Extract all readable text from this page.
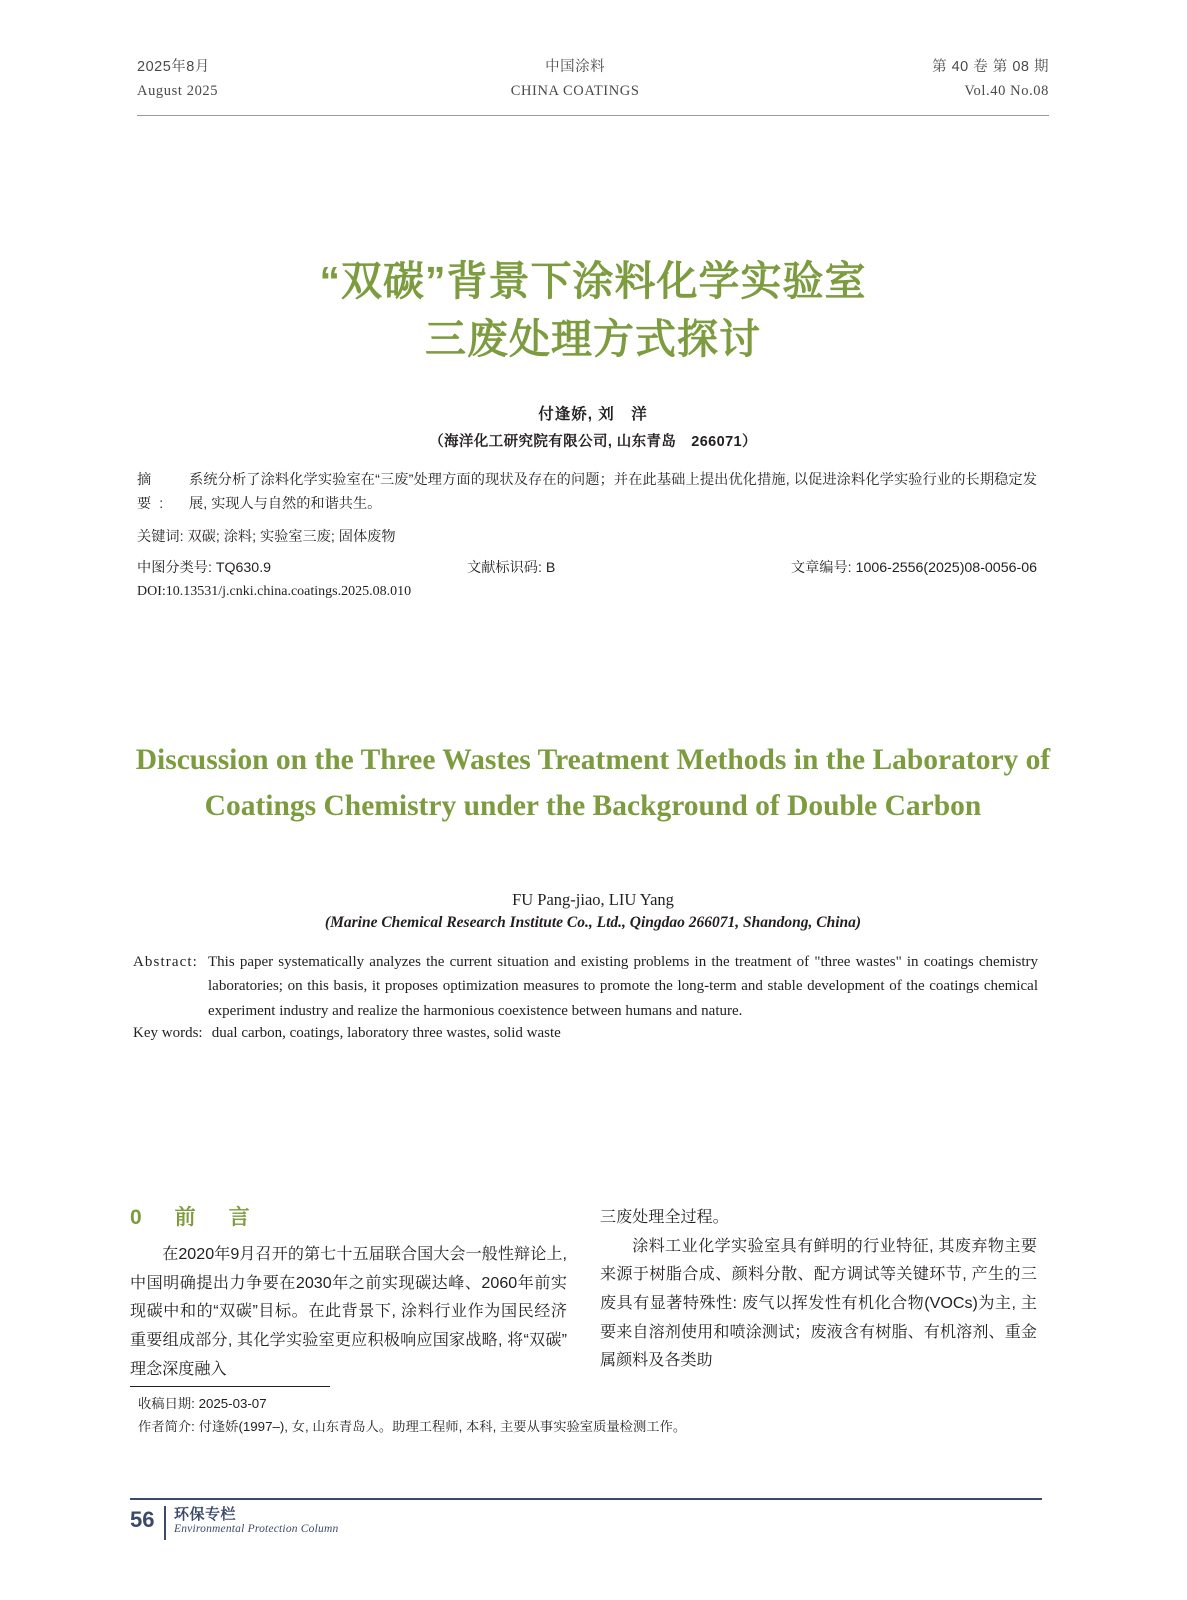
2025年8月
August 2025
中国涂料
CHINA COATINGS
第 40 卷 第 08 期
Vol.40 No.08
“双碳”背景下涂料化学实验室
三废处理方式探讨
付逢娇, 刘　洋
（海洋化工研究院有限公司, 山东青岛　266071）
摘　要:
系统分析了涂料化学实验室在“三废”处理方面的现状及存在的问题；并在此基础上提出优化措施, 以促进涂料化学实验行业的长期稳定发展, 实现人与自然的和谐共生。
关键词: 双碳; 涂料; 实验室三废; 固体废物
中图分类号: TQ630.9	文献标识码: B	文章编号: 1006-2556(2025)08-0056-06
DOI:10.13531/j.cnki.china.coatings.2025.08.010
Discussion on the Three Wastes Treatment Methods in the Laboratory of Coatings Chemistry under the Background of Double Carbon
FU Pang-jiao, LIU Yang
(Marine Chemical Research Institute Co., Ltd., Qingdao 266071, Shandong, China)
Abstract: This paper systematically analyzes the current situation and existing problems in the treatment of "three wastes" in coatings chemistry laboratories; on this basis, it proposes optimization measures to promote the long-term and stable development of the coatings chemical experiment industry and realize the harmonious coexistence between humans and nature.
Key words: dual carbon, coatings, laboratory three wastes, solid waste
0　前　言

在2020年9月召开的第七十五届联合国大会一般性辩论上, 中国明确提出力争要在2030年之前实现碳达峰、2060年前实现碳中和的“双碳”目标。在此背景下, 涂料行业作为国民经济重要组成部分, 其化学实验室更应积极响应国家战略, 将“双碳”理念深度融入

三废处理全过程。

涂料工业化学实验室具有鲜明的行业特征, 其废弃物主要来源于树脂合成、颜料分散、配方调试等关键环节, 产生的三废具有显著特殊性: 废气以挥发性有机化合物(VOCs)为主, 主要来自溶剂使用和喷涂测试；废液含有树脂、有机溶剂、重金属颜料及各类助

收稿日期: 2025-03-07
作者简介: 付逢娇(1997–), 女, 山东青岛人。助理工程师, 本科, 主要从事实验室质量检测工作。
56	环保专栏
Environmental Protection Column
